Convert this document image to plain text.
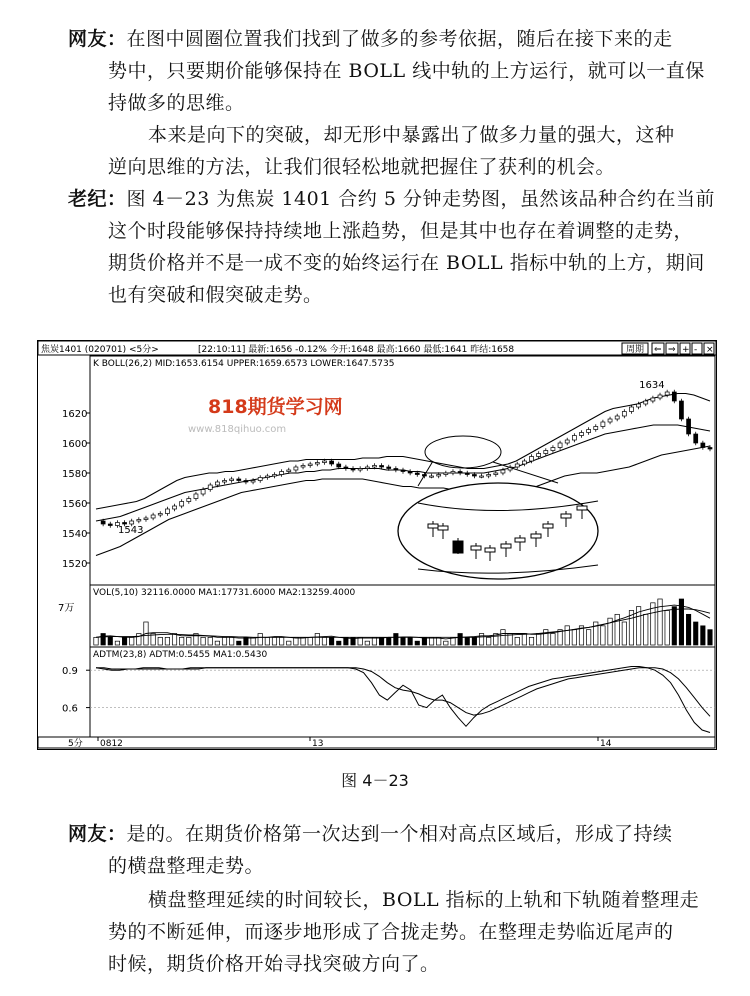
网友：在图中圆圈位置我们找到了做多的参考依据，随后在接下来的走
势中，只要期价能够保持在 BOLL 线中轨的上方运行，就可以一直保
持做多的思维。
本来是向下的突破，却无形中暴露出了做多力量的强大，这种
逆向思维的方法，让我们很轻松地就把握住了获利的机会。
老纪：图 4－23 为焦炭 1401 合约 5 分钟走势图，虽然该品种合约在当前
这个时段能够保持持续地上涨趋势，但是其中也存在着调整的走势，
期货价格并不是一成不变的始终运行在 BOLL 指标中轨的上方，期间
也有突破和假突破走势。
焦炭1401 (020701) <5分>	[22:10:11] 最新:1656 -0.12% 今开:1648 最高:1660 最低:1641 昨结:1658	周期 ⇐ ⇒ + - ×
K BOLL(26,2) MID:1653.6154 UPPER:1659.6573 LOWER:1647.5735
VOL(5,10) 32116.0000 MA1:17731.6000 MA2:13259.4000
ADTM(23,8) ADTM:0.5455 MA1:0.5430
7万
818期货学习网
www.818qihuo.com
1520
1540
1560
1580
1600
1620
1634
1543
0.6
0.9
5分 0812	13	14
图 4－23
网友：是的。在期货价格第一次达到一个相对高点区域后，形成了持续
的横盘整理走势。
横盘整理延续的时间较长，BOLL 指标的上轨和下轨随着整理走
势的不断延伸，而逐步地形成了合拢走势。在整理走势临近尾声的
时候，期货价格开始寻找突破方向了。
